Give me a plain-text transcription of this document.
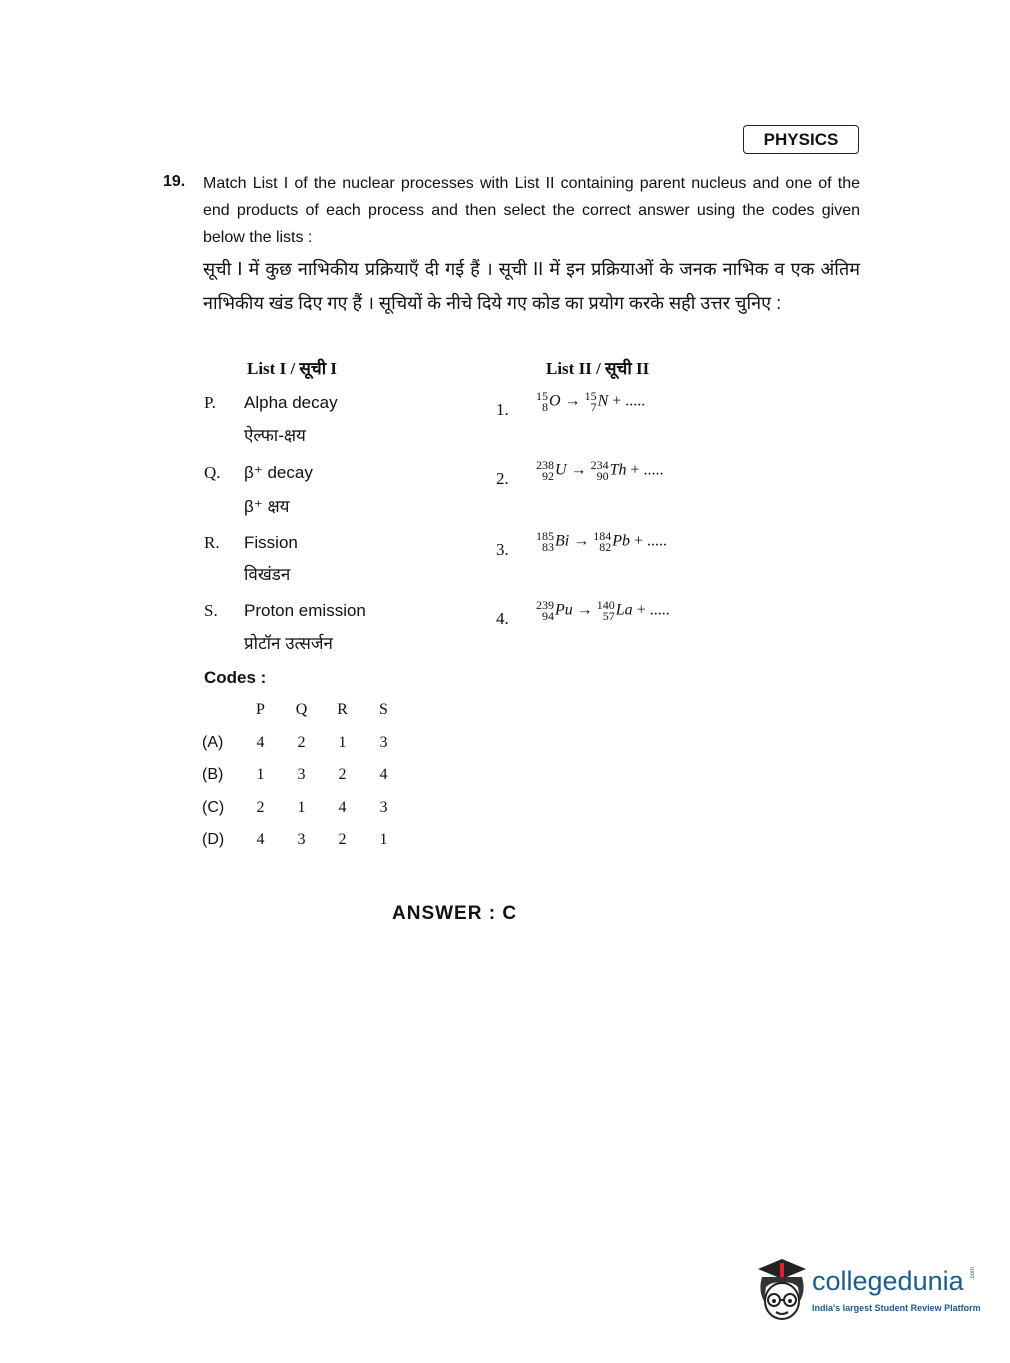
PHYSICS
19. Match List I of the nuclear processes with List II containing parent nucleus and one of the end products of each process and then select the correct answer using the codes given below the lists :
सूची I में कुछ नाभिकीय प्रक्रियाएँ दी गई हैं । सूची II में इन प्रक्रियाओं के जनक नाभिक व एक अंतिम नाभिकीय खंड दिए गए हैं । सूचियों के नीचे दिये गए कोड का प्रयोग करके सही उत्तर चुनिए :
List I / सूची I	List II / सूची II
P. Alpha decay
ऐल्फा-क्षय
Q. β⁺ decay
β⁺ क्षय
R. Fission
विखंडन
S. Proton emission
प्रोटॉन उत्सर्जन
1.
15
8 O → 15
7 N + .....
2.
238
92 U → 234
90 Th + .....
3.
185
83 Bi → 184
82 Pb + .....
4.
239
94 Pu → 140
57 La + .....
Codes :
	P	Q	R	S
(A)	4	2	1	3
(B)	1	3	2	4
(C)	2	1	4	3
(D)	4	3	2	1
ANSWER : C
collegedunia .com
India's largest Student Review Platform
